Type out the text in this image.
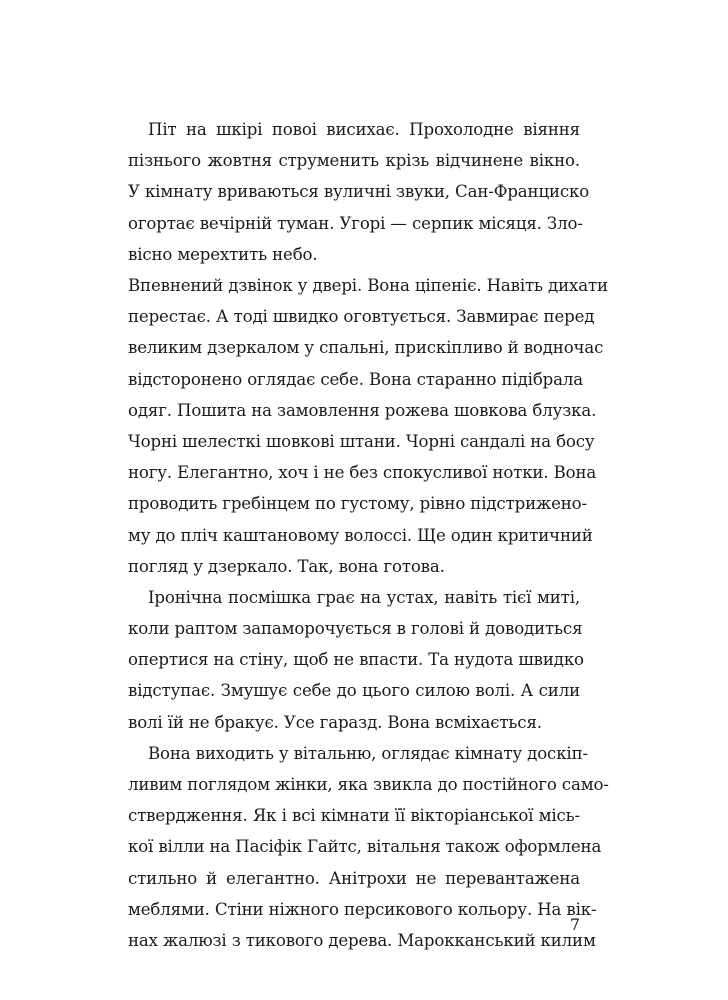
Піт на шкірі повоі висихає. Прохолодне віяння
пізнього жовтня струменить крізь відчинене вікно.
У кімнату вриваються вуличні звуки, Сан-Франциско
огортає вечірній туман. Угорі — серпик місяця. Зло-
вісно мерехтить небо.
Впевнений дзвінок у двері. Вона ціпеніє. Навіть дихати
перестає. А тоді швидко оговтується. Завмирає перед
великим дзеркалом у спальні, прискіпливо й водночас
відсторонено оглядає себе. Вона старанно підібрала
одяг. Пошита на замовлення рожева шовкова блузка.
Чорні шелесткі шовкові штани. Чорні сандалі на босу
ногу. Елегантно, хоч і не без спокусливої нотки. Вона
проводить гребінцем по густому, рівно підстрижено-
му до пліч каштановому волоссі. Ще один критичний
погляд у дзеркало. Так, вона готова.
Іронічна посмішка грає на устах, навіть тієї миті,
коли раптом запаморочується в голові й доводиться
опертися на стіну, щоб не впасти. Та нудота швидко
відступає. Змушує себе до цього силою волі. А сили
волі їй не бракує. Усе гаразд. Вона всміхається.
Вона виходить у вітальню, оглядає кімнату доскіп-
ливим поглядом жінки, яка звикла до постійного само-
ствердження. Як і всі кімнати її вікторіанської місь-
кої вілли на Пасіфік Гайтс, вітальня також оформлена
стильно й елегантно. Анітрохи не перевантажена
меблями. Стіни ніжного персикового кольору. На вік-
нах жалюзі з тикового дерева. Марокканський килим
7
